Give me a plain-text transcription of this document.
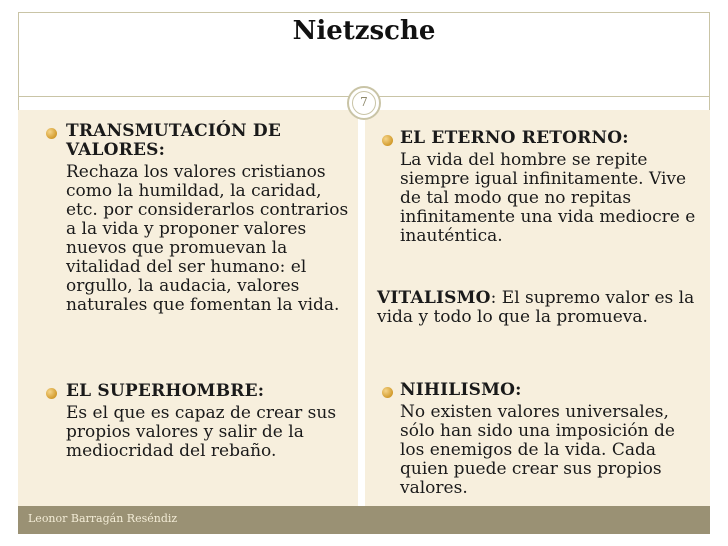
Nietzsche
7
TRANSMUTACIÓN DE VALORES:
Rechaza los valores cristianos como la humildad, la caridad, etc. por considerarlos contrarios a la vida y proponer valores nuevos que promuevan la vitalidad del ser humano: el orgullo, la audacia, valores naturales que fomentan la vida.
EL SUPERHOMBRE:
Es el que es capaz de crear sus propios valores y salir de la mediocridad del rebaño.
EL ETERNO RETORNO:
La vida del hombre se repite siempre igual infinitamente. Vive de tal modo que no repitas infinitamente una vida mediocre e inauténtica.
VITALISMO: El supremo valor es la vida y todo lo que la promueva.
NIHILISMO:
No existen valores universales, sólo han sido una imposición de los enemigos de la vida. Cada quien puede crear sus propios valores.
Leonor Barragán Reséndiz
